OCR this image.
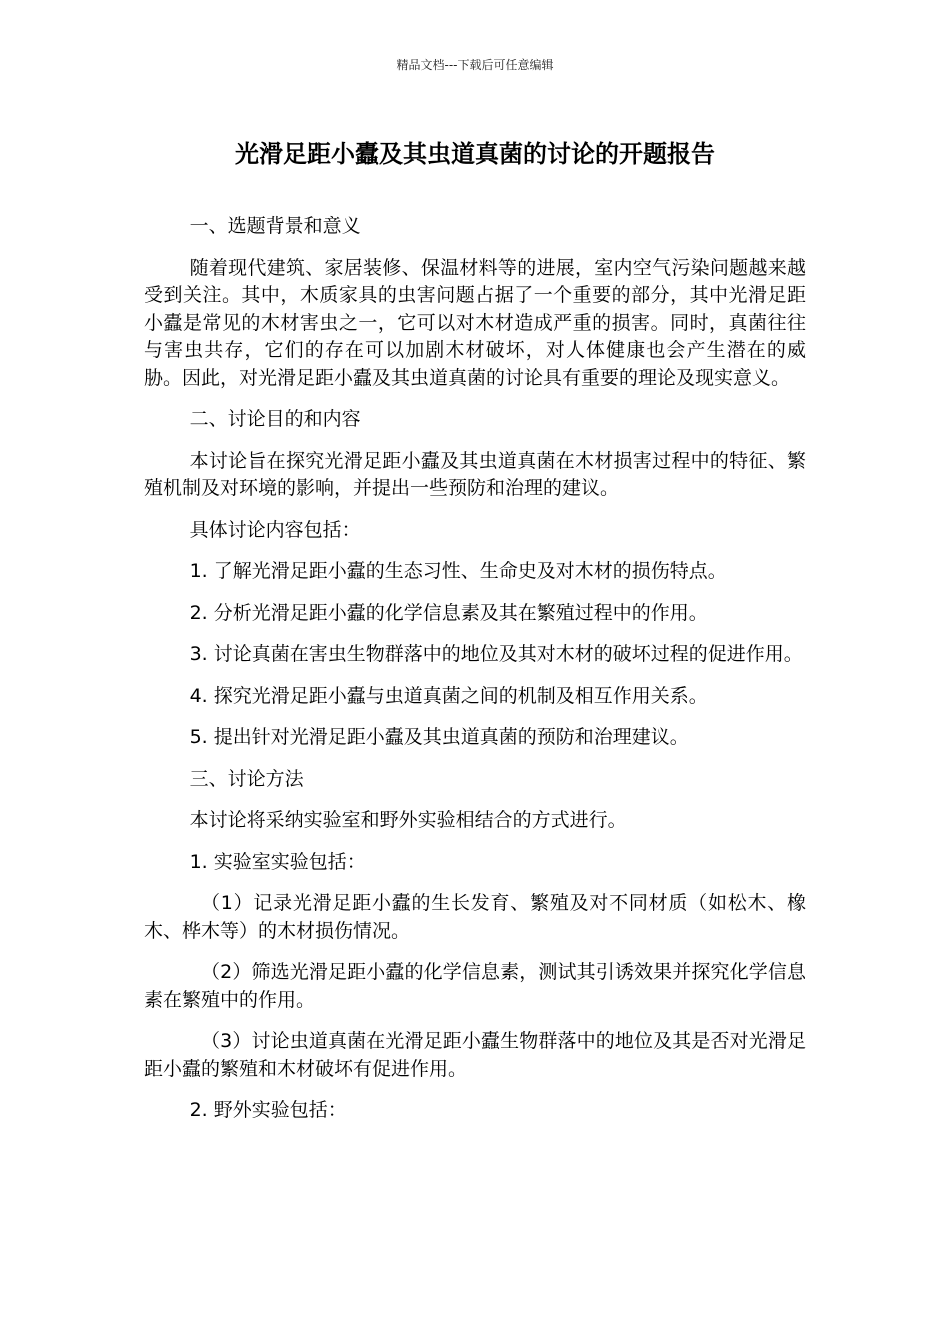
精品文档---下载后可任意编辑
光滑足距小蠹及其虫道真菌的讨论的开题报告

一、选题背景和意义

随着现代建筑、家居装修、保温材料等的进展，室内空气污染问题越来越受到关注。其中，木质家具的虫害问题占据了一个重要的部分，其中光滑足距小蠹是常见的木材害虫之一，它可以对木材造成严重的损害。同时，真菌往往与害虫共存，它们的存在可以加剧木材破坏，对人体健康也会产生潜在的威胁。因此，对光滑足距小蠹及其虫道真菌的讨论具有重要的理论及现实意义。

二、讨论目的和内容

本讨论旨在探究光滑足距小蠹及其虫道真菌在木材损害过程中的特征、繁殖机制及对环境的影响，并提出一些预防和治理的建议。

具体讨论内容包括：

1. 了解光滑足距小蠹的生态习性、生命史及对木材的损伤特点。

2. 分析光滑足距小蠹的化学信息素及其在繁殖过程中的作用。

3. 讨论真菌在害虫生物群落中的地位及其对木材的破坏过程的促进作用。

4. 探究光滑足距小蠹与虫道真菌之间的机制及相互作用关系。

5. 提出针对光滑足距小蠹及其虫道真菌的预防和治理建议。

三、讨论方法

本讨论将采纳实验室和野外实验相结合的方式进行。

1. 实验室实验包括：

（1）记录光滑足距小蠹的生长发育、繁殖及对不同材质（如松木、橡木、桦木等）的木材损伤情况。

（2）筛选光滑足距小蠹的化学信息素，测试其引诱效果并探究化学信息素在繁殖中的作用。

（3）讨论虫道真菌在光滑足距小蠹生物群落中的地位及其是否对光滑足距小蠹的繁殖和木材破坏有促进作用。

2. 野外实验包括：
